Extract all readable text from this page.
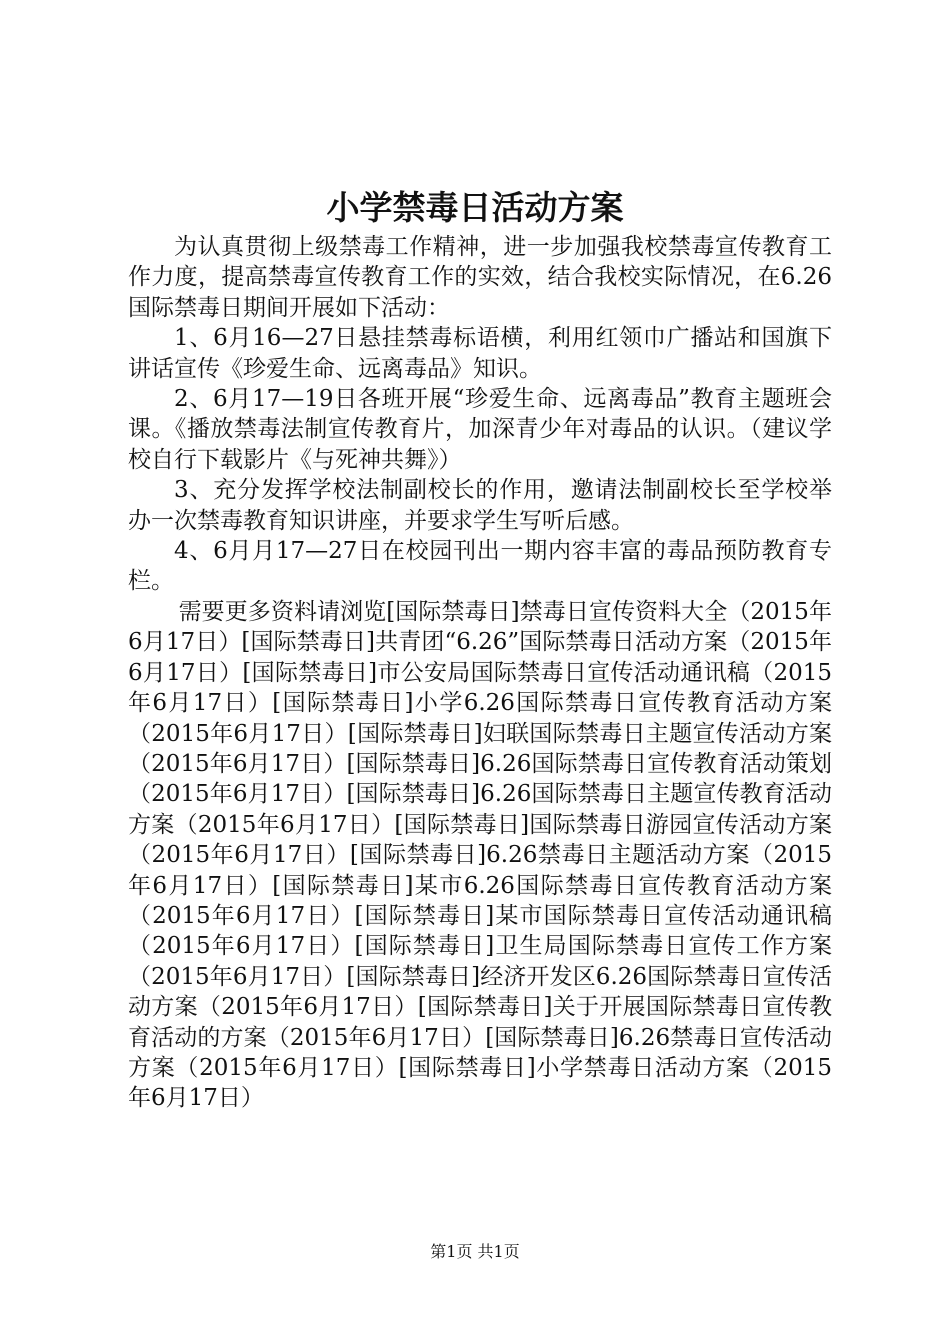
小学禁毒日活动方案

为认真贯彻上级禁毒工作精神，进一步加强我校禁毒宣传教育工作力度，提高禁毒宣传教育工作的实效，结合我校实际情况，在6.26国际禁毒日期间开展如下活动：

1、6月16—27日悬挂禁毒标语横，利用红领巾广播站和国旗下讲话宣传《珍爱生命、远离毒品》知识。

2、6月17—19日各班开展“珍爱生命、远离毒品”教育主题班会课。《播放禁毒法制宣传教育片，加深青少年对毒品的认识。（建议学校自行下载影片《与死神共舞》）

3、充分发挥学校法制副校长的作用，邀请法制副校长至学校举办一次禁毒教育知识讲座，并要求学生写听后感。

4、6月月17—27日在校园刊出一期内容丰富的毒品预防教育专栏。

需要更多资料请浏览[国际禁毒日]禁毒日宣传资料大全（2015年6月17日）[国际禁毒日]共青团“6.26”国际禁毒日活动方案（2015年6月17日）[国际禁毒日]市公安局国际禁毒日宣传活动通讯稿（2015年6月17日）[国际禁毒日]小学6.26国际禁毒日宣传教育活动方案（2015年6月17日）[国际禁毒日]妇联国际禁毒日主题宣传活动方案（2015年6月17日）[国际禁毒日]6.26国际禁毒日宣传教育活动策划（2015年6月17日）[国际禁毒日]6.26国际禁毒日主题宣传教育活动方案（2015年6月17日）[国际禁毒日]国际禁毒日游园宣传活动方案（2015年6月17日）[国际禁毒日]6.26禁毒日主题活动方案（2015年6月17日）[国际禁毒日]某市6.26国际禁毒日宣传教育活动方案（2015年6月17日）[国际禁毒日]某市国际禁毒日宣传活动通讯稿（2015年6月17日）[国际禁毒日]卫生局国际禁毒日宣传工作方案（2015年6月17日）[国际禁毒日]经济开发区6.26国际禁毒日宣传活动方案（2015年6月17日）[国际禁毒日]关于开展国际禁毒日宣传教育活动的方案（2015年6月17日）[国际禁毒日]6.26禁毒日宣传活动方案（2015年6月17日）[国际禁毒日]小学禁毒日活动方案（2015年6月17日）

第1页 共1页
